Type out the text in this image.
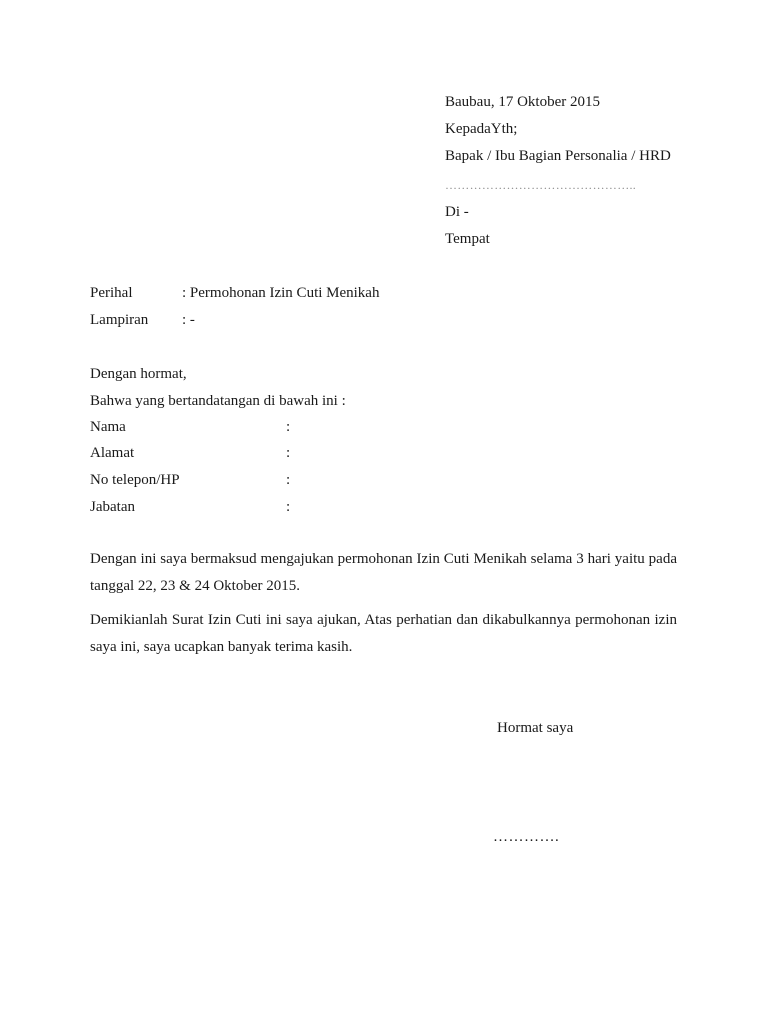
Baubau, 17 Oktober 2015
KepadaYth;
Bapak / Ibu Bagian Personalia / HRD
………………………………………..
Di -
Tempat
Perihal	: Permohonan Izin Cuti Menikah
Lampiran : -
Dengan hormat,
Bahwa yang bertandatangan di bawah ini :
Nama	:
Alamat	:
No telepon/HP	:
Jabatan	:
Dengan ini saya bermaksud mengajukan permohonan Izin Cuti Menikah selama 3 hari yaitu pada tanggal 22, 23 & 24 Oktober 2015.
Demikianlah Surat Izin Cuti ini saya ajukan, Atas perhatian dan dikabulkannya permohonan izin saya ini, saya ucapkan banyak terima kasih.
Hormat saya
………….
